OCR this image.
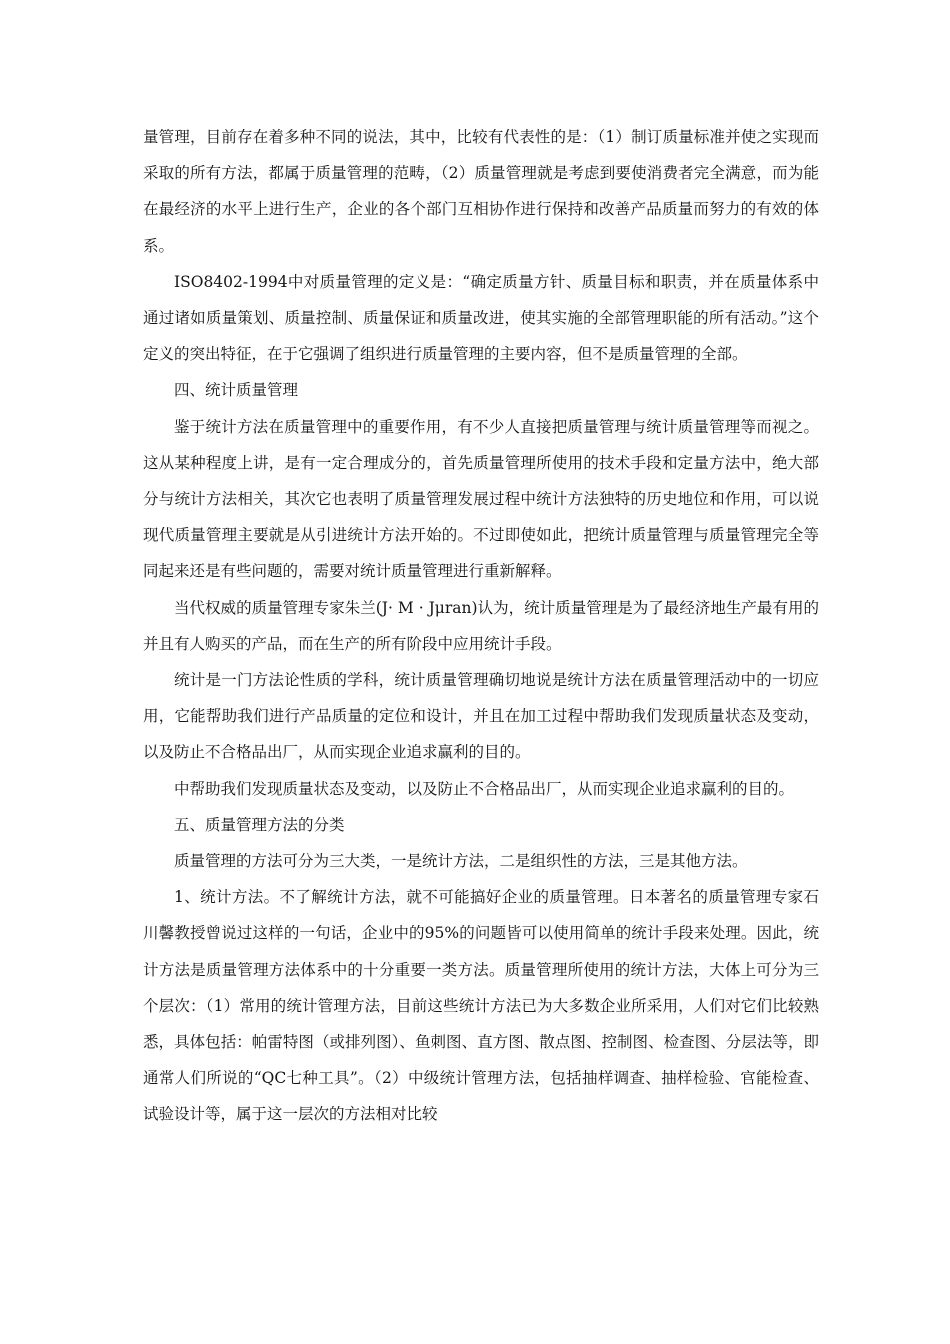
量管理，目前存在着多种不同的说法，其中，比较有代表性的是：（1）制订质量标准并使之实现而采取的所有方法，都属于质量管理的范畴，（2）质量管理就是考虑到要使消费者完全满意，而为能在最经济的水平上进行生产，企业的各个部门互相协作进行保持和改善产品质量而努力的有效的体系。

ISO8402-1994中对质量管理的定义是：“确定质量方针、质量目标和职责，并在质量体系中通过诸如质量策划、质量控制、质量保证和质量改进，使其实施的全部管理职能的所有活动。”这个定义的突出特征，在于它强调了组织进行质量管理的主要内容，但不是质量管理的全部。

四、统计质量管理

鉴于统计方法在质量管理中的重要作用，有不少人直接把质量管理与统计质量管理等而视之。这从某种程度上讲，是有一定合理成分的，首先质量管理所使用的技术手段和定量方法中，绝大部分与统计方法相关，其次它也表明了质量管理发展过程中统计方法独特的历史地位和作用，可以说现代质量管理主要就是从引进统计方法开始的。不过即使如此，把统计质量管理与质量管理完全等同起来还是有些问题的，需要对统计质量管理进行重新解释。

当代权威的质量管理专家朱兰(J· M · Jμran)认为，统计质量管理是为了最经济地生产最有用的并且有人购买的产品，而在生产的所有阶段中应用统计手段。

统计是一门方法论性质的学科，统计质量管理确切地说是统计方法在质量管理活动中的一切应用，它能帮助我们进行产品质量的定位和设计，并且在加工过程中帮助我们发现质量状态及变动，以及防止不合格品出厂，从而实现企业追求赢利的目的。

中帮助我们发现质量状态及变动，以及防止不合格品出厂，从而实现企业追求赢利的目的。

五、质量管理方法的分类

质量管理的方法可分为三大类，一是统计方法，二是组织性的方法，三是其他方法。

1、统计方法。不了解统计方法，就不可能搞好企业的质量管理。日本著名的质量管理专家石川馨教授曾说过这样的一句话，企业中的95%的问题皆可以使用简单的统计手段来处理。因此，统计方法是质量管理方法体系中的十分重要一类方法。质量管理所使用的统计方法，大体上可分为三个层次：（1）常用的统计管理方法，目前这些统计方法已为大多数企业所采用，人们对它们比较熟悉，具体包括：帕雷特图（或排列图）、鱼刺图、直方图、散点图、控制图、检查图、分层法等，即通常人们所说的“QC七种工具”。（2）中级统计管理方法，包括抽样调查、抽样检验、官能检查、试验设计等，属于这一层次的方法相对比较
